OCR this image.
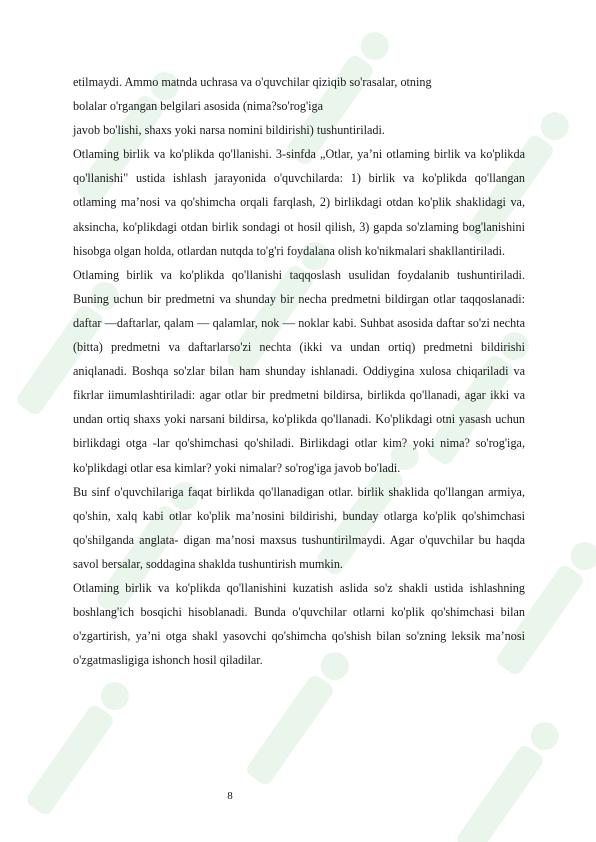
etilmaydi. Ammo matnda uchrasa va o'quvchilar qiziqib so'rasalar, otning

bolalar o'rgangan belgilari asosida (nima?so'rog'iga

javob bo'lishi, shaxs yoki narsa nomini bildirishi) tushuntiriladi.

Otlaming birlik va ko'plikda qo'llanishi. 3-sinfda „Otlar, ya’ni otlaming birlik va ko'plikda qo'llanishi" ustida ishlash jarayonida o'quvchilarda: 1) birlik va ko'plikda qo'llangan otlaming ma’nosi va qo'shimcha orqali farqlash, 2) birlikdagi otdan ko'plik shaklidagi va, aksincha, ko'plikdagi otdan birlik sondagi ot hosil qilish, 3) gapda so'zlaming bog'lanishini hisobga olgan holda, otlardan nutqda to'g'ri foydalana olish ko'nikmalari shakllantiriladi.

Otlaming birlik va ko'plikda qo'llanishi taqqoslash usulidan foydalanib tushuntiriladi. Buning uchun bir predmetni va shunday bir necha predmetni bildirgan otlar taqqoslanadi: daftar —daftarlar, qalam — qalamlar, nok — noklar kabi. Suhbat asosida daftar so'zi nechta (bitta) predmetni va daftarlarso'zi nechta (ikki va undan ortiq) predmetni bildirishi aniqlanadi. Boshqa so'zlar bilan ham shunday ishlanadi. Oddiygina xulosa chiqariladi va fikrlar iimumlashtiriladi: agar otlar bir predmetni bildirsa, birlikda qo'llanadi, agar ikki va undan ortiq shaxs yoki narsani bildirsa, ko'plikda qo'llanadi. Ko'plikdagi otni yasash uchun birlikdagi otga -lar qo'shimchasi qo'shiladi. Birlikdagi otlar kim? yoki nima? so'rog'iga, ko'plikdagi otlar esa kimlar? yoki nimalar? so'rog'iga javob bo'ladi.

Bu sinf o'quvchilariga faqat birlikda qo'llanadigan otlar. birlik shaklida qo'llangan armiya, qo'shin, xalq kabi otlar ko'plik ma’nosini bildirishi, bunday otlarga ko'plik qo'shimchasi qo'shilganda anglata- digan ma’nosi maxsus tushuntirilmaydi. Agar o'quvchilar bu haqda savol bersalar, soddagina shaklda tushuntirish mumkin.

Otlaming birlik va ko'plikda qo'llanishini kuzatish aslida so'z shakli ustida ishlashning boshlang'ich bosqichi hisoblanadi. Bunda o'quvchilar otlarni ko'plik qo'shimchasi bilan o'zgartirish, ya’ni otga shakl yasovchi qo'shimcha qo'shish bilan so'zning leksik ma’nosi o'zgatmasligiga ishonch hosil qiladilar.

8
